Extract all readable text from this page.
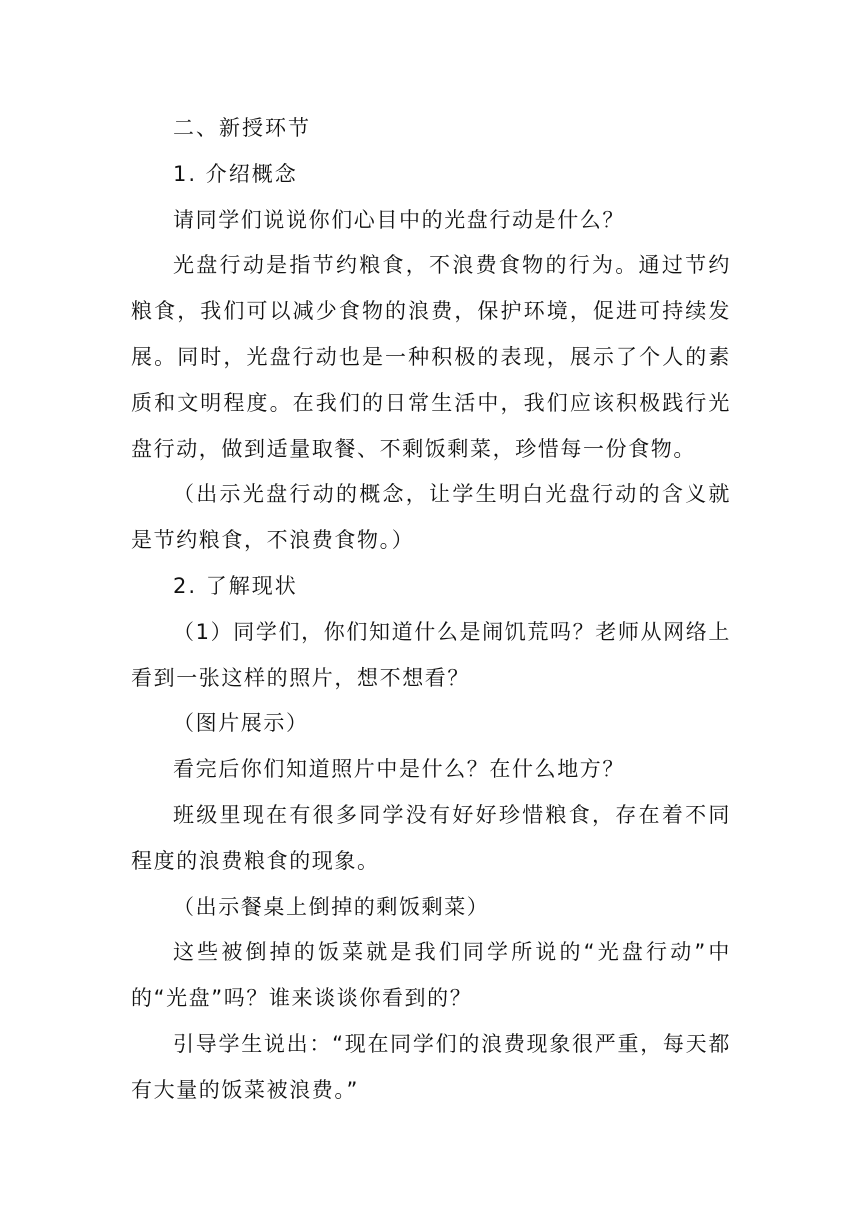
二、新授环节

1. 介绍概念

请同学们说说你们心目中的光盘行动是什么？

光盘行动是指节约粮食，不浪费食物的行为。通过节约粮食，我们可以减少食物的浪费，保护环境，促进可持续发展。同时，光盘行动也是一种积极的表现，展示了个人的素质和文明程度。在我们的日常生活中，我们应该积极践行光盘行动，做到适量取餐、不剩饭剩菜，珍惜每一份食物。

（出示光盘行动的概念，让学生明白光盘行动的含义就是节约粮食，不浪费食物。）

2. 了解现状

（1）同学们，你们知道什么是闹饥荒吗？老师从网络上看到一张这样的照片，想不想看？

（图片展示）

看完后你们知道照片中是什么？在什么地方？

班级里现在有很多同学没有好好珍惜粮食，存在着不同程度的浪费粮食的现象。

（出示餐桌上倒掉的剩饭剩菜）

这些被倒掉的饭菜就是我们同学所说的“光盘行动”中的“光盘”吗？谁来谈谈你看到的？

引导学生说出：“现在同学们的浪费现象很严重，每天都有大量的饭菜被浪费。”
